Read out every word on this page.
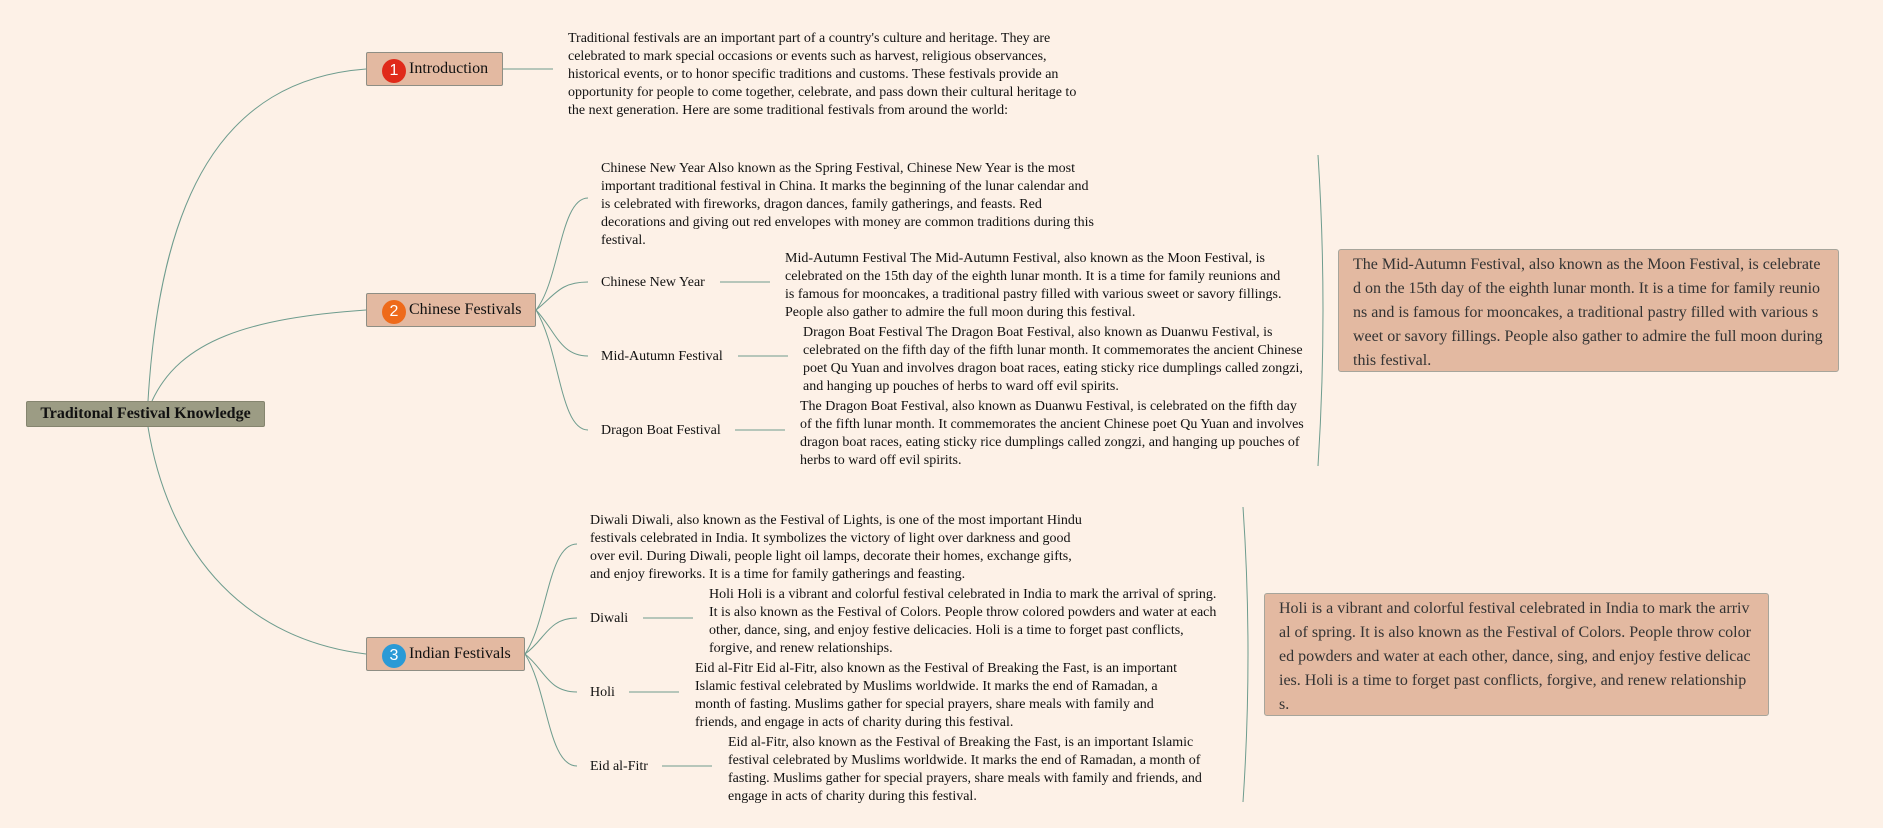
Traditonal Festival Knowledge
1 Introduction
Traditional festivals are an important part of a country's culture and heritage. They are celebrated to mark special occasions or events such as harvest, religious observances, historical events, or to honor specific traditions and customs. These festivals provide an opportunity for people to come together, celebrate, and pass down their cultural heritage to the next generation. Here are some traditional festivals from around the world:
2 Chinese Festivals
Chinese New Year Also known as the Spring Festival, Chinese New Year is the most important traditional festival in China. It marks the beginning of the lunar calendar and is celebrated with fireworks, dragon dances, family gatherings, and feasts. Red decorations and giving out red envelopes with money are common traditions during this festival.
Chinese New Year
Mid-Autumn Festival The Mid-Autumn Festival, also known as the Moon Festival, is celebrated on the 15th day of the eighth lunar month. It is a time for family reunions and is famous for mooncakes, a traditional pastry filled with various sweet or savory fillings. People also gather to admire the full moon during this festival.
Mid-Autumn Festival
Dragon Boat Festival The Dragon Boat Festival, also known as Duanwu Festival, is celebrated on the fifth day of the fifth lunar month. It commemorates the ancient Chinese poet Qu Yuan and involves dragon boat races, eating sticky rice dumplings called zongzi, and hanging up pouches of herbs to ward off evil spirits.
Dragon Boat Festival
The Dragon Boat Festival, also known as Duanwu Festival, is celebrated on the fifth day of the fifth lunar month. It commemorates the ancient Chinese poet Qu Yuan and involves dragon boat races, eating sticky rice dumplings called zongzi, and hanging up pouches of herbs to ward off evil spirits.
The Mid-Autumn Festival, also known as the Moon Festival, is celebrated on the 15th day of the eighth lunar month. It is a time for family reunions and is famous for mooncakes, a traditional pastry filled with various sweet or savory fillings. People also gather to admire the full moon during this festival.
3 Indian Festivals
Diwali Diwali, also known as the Festival of Lights, is one of the most important Hindu festivals celebrated in India. It symbolizes the victory of light over darkness and good over evil. During Diwali, people light oil lamps, decorate their homes, exchange gifts, and enjoy fireworks. It is a time for family gatherings and feasting.
Diwali
Holi Holi is a vibrant and colorful festival celebrated in India to mark the arrival of spring. It is also known as the Festival of Colors. People throw colored powders and water at each other, dance, sing, and enjoy festive delicacies. Holi is a time to forget past conflicts, forgive, and renew relationships.
Holi
Eid al-Fitr Eid al-Fitr, also known as the Festival of Breaking the Fast, is an important Islamic festival celebrated by Muslims worldwide. It marks the end of Ramadan, a month of fasting. Muslims gather for special prayers, share meals with family and friends, and engage in acts of charity during this festival.
Eid al-Fitr
Eid al-Fitr, also known as the Festival of Breaking the Fast, is an important Islamic festival celebrated by Muslims worldwide. It marks the end of Ramadan, a month of fasting. Muslims gather for special prayers, share meals with family and friends, and engage in acts of charity during this festival.
Holi is a vibrant and colorful festival celebrated in India to mark the arrival of spring. It is also known as the Festival of Colors. People throw colored powders and water at each other, dance, sing, and enjoy festive delicacies. Holi is a time to forget past conflicts, forgive, and renew relationships.
